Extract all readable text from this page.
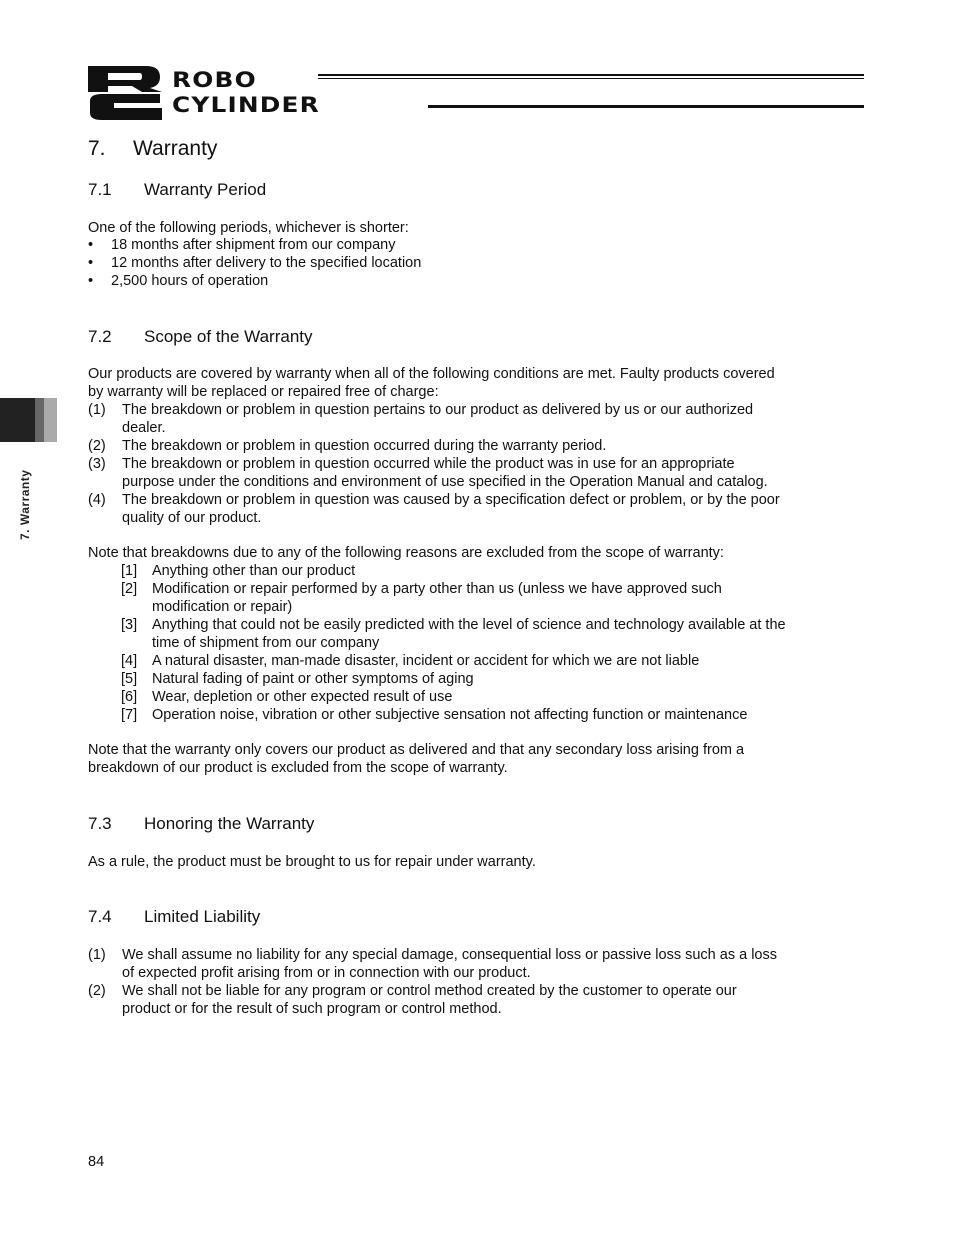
ROBO
CYLINDER
7. Warranty
7. Warranty
7.1 Warranty Period
One of the following periods, whichever is shorter:
• 18 months after shipment from our company
• 12 months after delivery to the specified location
• 2,500 hours of operation
7.2 Scope of the Warranty
Our products are covered by warranty when all of the following conditions are met. Faulty products covered
by warranty will be replaced or repaired free of charge:
(1) The breakdown or problem in question pertains to our product as delivered by us or our authorized
dealer.
(2) The breakdown or problem in question occurred during the warranty period.
(3) The breakdown or problem in question occurred while the product was in use for an appropriate
purpose under the conditions and environment of use specified in the Operation Manual and catalog.
(4) The breakdown or problem in question was caused by a specification defect or problem, or by the poor
quality of our product.
Note that breakdowns due to any of the following reasons are excluded from the scope of warranty:
[1] Anything other than our product
[2] Modification or repair performed by a party other than us (unless we have approved such
modification or repair)
[3] Anything that could not be easily predicted with the level of science and technology available at the
time of shipment from our company
[4] A natural disaster, man-made disaster, incident or accident for which we are not liable
[5] Natural fading of paint or other symptoms of aging
[6] Wear, depletion or other expected result of use
[7] Operation noise, vibration or other subjective sensation not affecting function or maintenance
Note that the warranty only covers our product as delivered and that any secondary loss arising from a
breakdown of our product is excluded from the scope of warranty.
7.3 Honoring the Warranty
As a rule, the product must be brought to us for repair under warranty.
7.4 Limited Liability
(1) We shall assume no liability for any special damage, consequential loss or passive loss such as a loss
of expected profit arising from or in connection with our product.
(2) We shall not be liable for any program or control method created by the customer to operate our
product or for the result of such program or control method.
84
